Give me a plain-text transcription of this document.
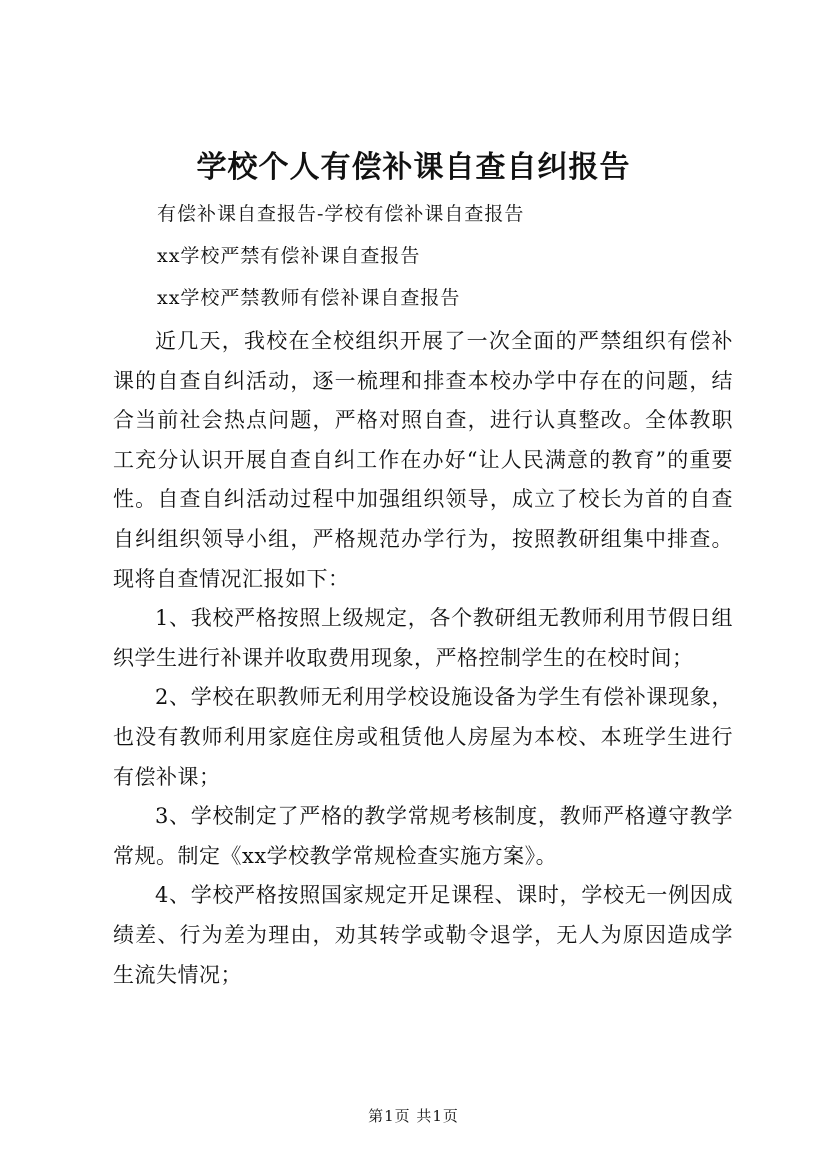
学校个人有偿补课自查自纠报告
有偿补课自查报告-学校有偿补课自查报告
xx学校严禁有偿补课自查报告
xx学校严禁教师有偿补课自查报告

近几天，我校在全校组织开展了一次全面的严禁组织有偿补课的自查自纠活动，逐一梳理和排查本校办学中存在的问题，结合当前社会热点问题，严格对照自查，进行认真整改。全体教职工充分认识开展自查自纠工作在办好“让人民满意的教育”的重要性。自查自纠活动过程中加强组织领导，成立了校长为首的自查自纠组织领导小组，严格规范办学行为，按照教研组集中排查。现将自查情况汇报如下：

1、我校严格按照上级规定，各个教研组无教师利用节假日组织学生进行补课并收取费用现象，严格控制学生的在校时间；

2、学校在职教师无利用学校设施设备为学生有偿补课现象，也没有教师利用家庭住房或租赁他人房屋为本校、本班学生进行有偿补课；

3、学校制定了严格的教学常规考核制度，教师严格遵守教学常规。制定《xx学校教学常规检查实施方案》。

4、学校严格按照国家规定开足课程、课时，学校无一例因成绩差、行为差为理由，劝其转学或勒令退学，无人为原因造成学生流失情况；

第1页 共1页
